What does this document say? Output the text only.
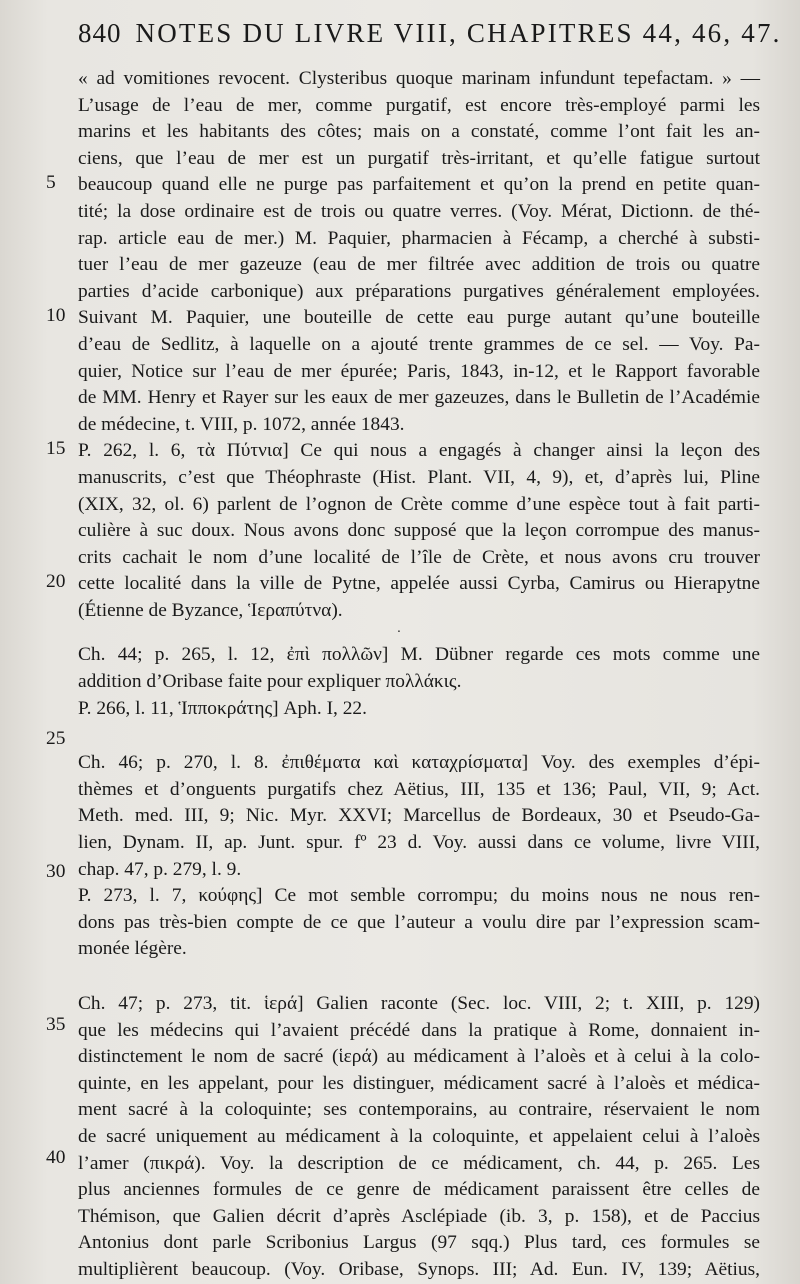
840 NOTES DU LIVRE VIII, CHAPITRES 44, 46, 47.
5
10
15
20
25
30
35
40
« ad vomitiones revocent. Clysteribus quoque marinam infundunt tepefactam. » —
L’usage de l’eau de mer, comme purgatif, est encore très-employé parmi les
marins et les habitants des côtes; mais on a constaté, comme l’ont fait les an-
ciens, que l’eau de mer est un purgatif très-irritant, et qu’elle fatigue surtout
beaucoup quand elle ne purge pas parfaitement et qu’on la prend en petite quan-
tité; la dose ordinaire est de trois ou quatre verres. (Voy. Mérat, Dictionn. de thé-
rap. article eau de mer.) M. Paquier, pharmacien à Fécamp, a cherché à substi-
tuer l’eau de mer gazeuze (eau de mer filtrée avec addition de trois ou quatre
parties d’acide carbonique) aux préparations purgatives généralement employées.
Suivant M. Paquier, une bouteille de cette eau purge autant qu’une bouteille
d’eau de Sedlitz, à laquelle on a ajouté trente grammes de ce sel. — Voy. Pa-
quier, Notice sur l’eau de mer épurée; Paris, 1843, in-12, et le Rapport favorable
de MM. Henry et Rayer sur les eaux de mer gazeuzes, dans le Bulletin de l’Académie
de médecine, t. VIII, p. 1072, année 1843.
P. 262, l. 6, τὰ Πύτνια] Ce qui nous a engagés à changer ainsi la leçon des
manuscrits, c’est que Théophraste (Hist. Plant. VII, 4, 9), et, d’après lui, Pline
(XIX, 32, ol. 6) parlent de l’ognon de Crète comme d’une espèce tout à fait parti-
culière à suc doux. Nous avons donc supposé que la leçon corrompue des manus-
crits cachait le nom d’une localité de l’île de Crète, et nous avons cru trouver
cette localité dans la ville de Pytne, appelée aussi Cyrba, Camirus ou Hierapytne
(Étienne de Byzance, Ἱεραπύτνα).
·
Ch. 44; p. 265, l. 12, ἐπὶ πολλῶν] M. Dübner regarde ces mots comme une
addition d’Oribase faite pour expliquer πολλάκις.
P. 266, l. 11, Ἱπποκράτης] Aph. I, 22.
Ch. 46; p. 270, l. 8. ἐπιθέματα καὶ καταχρίσματα] Voy. des exemples d’épi-
thèmes et d’onguents purgatifs chez Aëtius, III, 135 et 136; Paul, VII, 9; Act.
Meth. med. III, 9; Nic. Myr. XXVI; Marcellus de Bordeaux, 30 et Pseudo-Ga-
lien, Dynam. II, ap. Junt. spur. fº 23 d. Voy. aussi dans ce volume, livre VIII,
chap. 47, p. 279, l. 9.
P. 273, l. 7, κούφης] Ce mot semble corrompu; du moins nous ne nous ren-
dons pas très-bien compte de ce que l’auteur a voulu dire par l’expression scam-
monée légère.
Ch. 47; p. 273, tit. ἱερά] Galien raconte (Sec. loc. VIII, 2; t. XIII, p. 129)
que les médecins qui l’avaient précédé dans la pratique à Rome, donnaient in-
distinctement le nom de sacré (ἱερά) au médicament à l’aloès et à celui à la colo-
quinte, en les appelant, pour les distinguer, médicament sacré à l’aloès et médica-
ment sacré à la coloquinte; ses contemporains, au contraire, réservaient le nom
de sacré uniquement au médicament à la coloquinte, et appelaient celui à l’aloès
l’amer (πικρά). Voy. la description de ce médicament, ch. 44, p. 265. Les
plus anciennes formules de ce genre de médicament paraissent être celles de
Thémison, que Galien décrit d’après Asclépiade (ib. 3, p. 158), et de Paccius
Antonius dont parle Scribonius Largus (97 sqq.) Plus tard, ces formules se
multiplièrent beaucoup. (Voy. Oribase, Synops. III; Ad. Eun. IV, 139; Aëtius,
